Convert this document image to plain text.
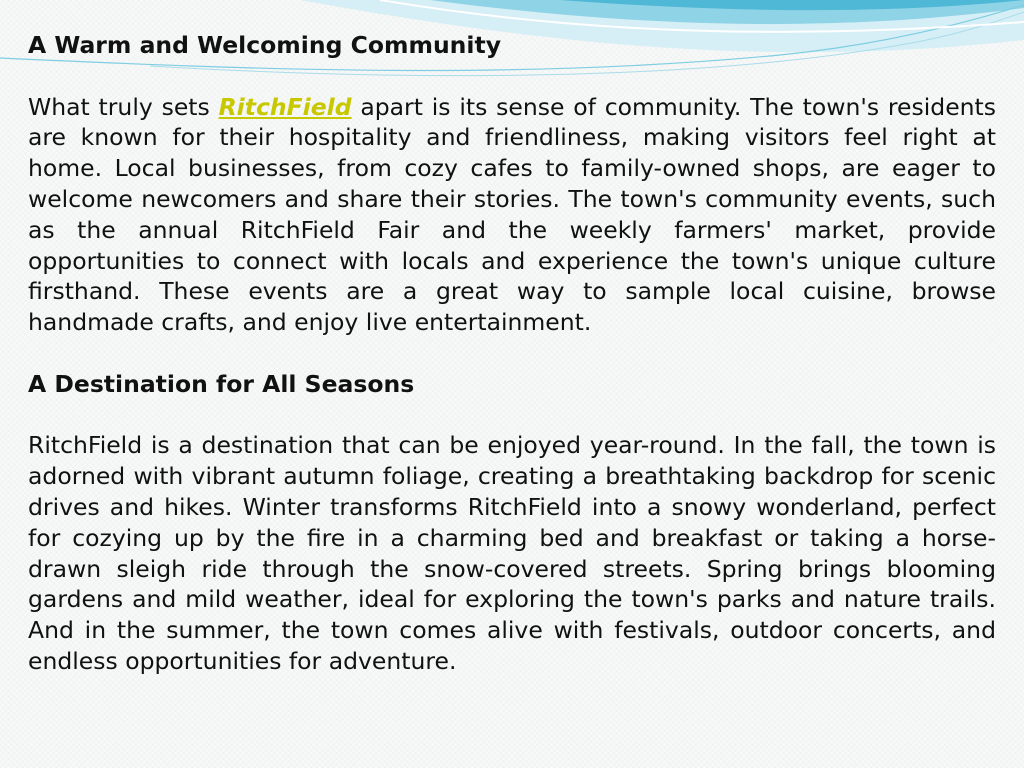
A Warm and Welcoming Community

What truly sets RitchField apart is its sense of community. The town's residents are known for their hospitality and friendliness, making visitors feel right at home. Local businesses, from cozy cafes to family-owned shops, are eager to welcome newcomers and share their stories. The town's community events, such as the annual RitchField Fair and the weekly farmers' market, provide opportunities to connect with locals and experience the town's unique culture firsthand. These events are a great way to sample local cuisine, browse handmade crafts, and enjoy live entertainment.

A Destination for All Seasons

RitchField is a destination that can be enjoyed year-round. In the fall, the town is adorned with vibrant autumn foliage, creating a breathtaking backdrop for scenic drives and hikes. Winter transforms RitchField into a snowy wonderland, perfect for cozying up by the fire in a charming bed and breakfast or taking a horse-drawn sleigh ride through the snow-covered streets. Spring brings blooming gardens and mild weather, ideal for exploring the town's parks and nature trails. And in the summer, the town comes alive with festivals, outdoor concerts, and endless opportunities for adventure.
